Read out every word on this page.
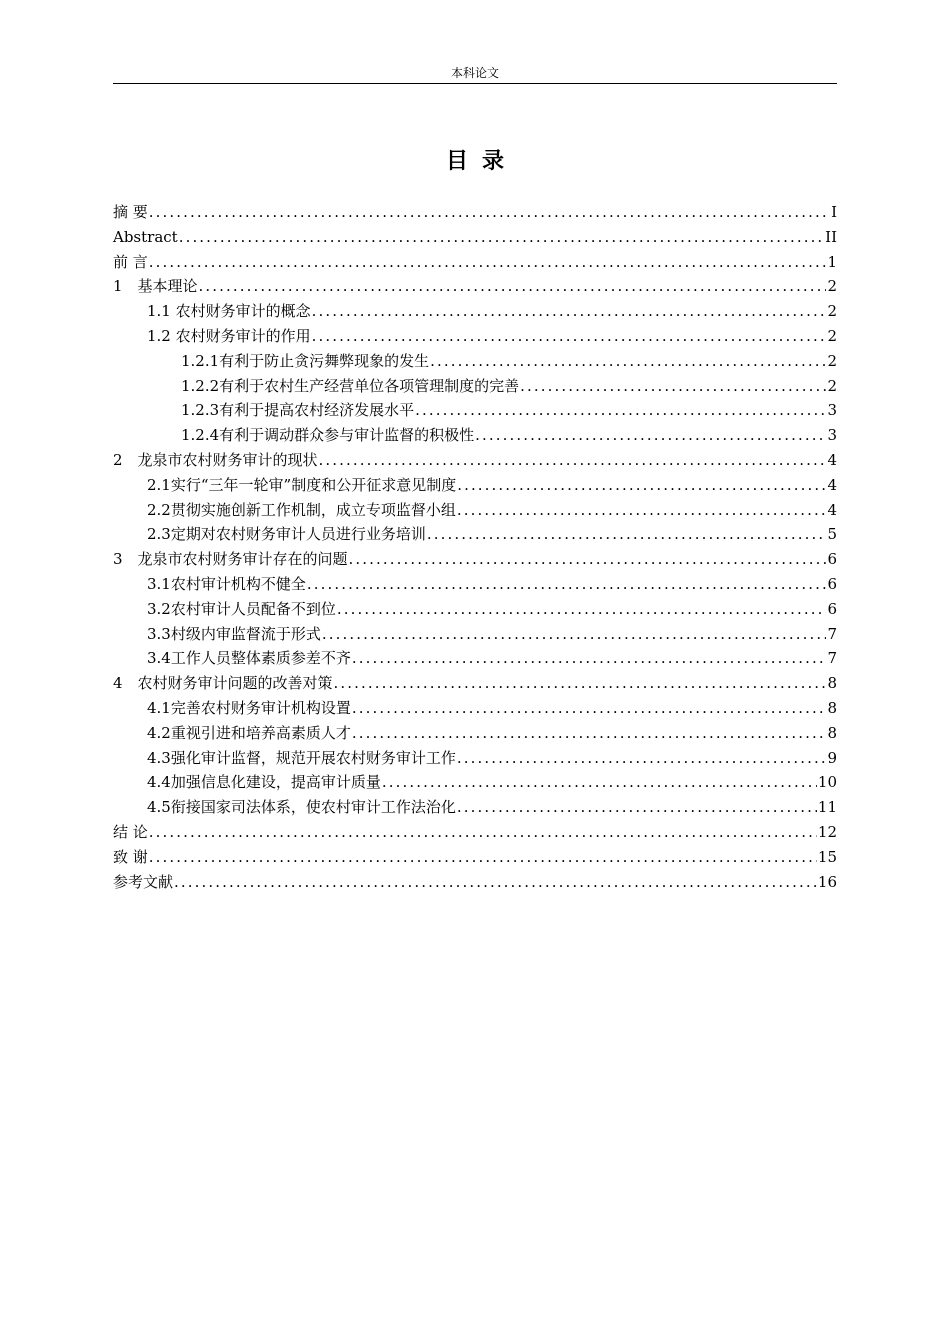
本科论文
目录
摘 要 .....	I
Abstract .....	II
前 言 .....	1
1　基本理论 .....	2
1.1 农村财务审计的概念 .....	2
1.2 农村财务审计的作用 .....	2
1.2.1有利于防止贪污舞弊现象的发生 .....	2
1.2.2有利于农村生产经营单位各项管理制度的完善 .....	2
1.2.3有利于提高农村经济发展水平 .....	3
1.2.4有利于调动群众参与审计监督的积极性 .....	3
2　龙泉市农村财务审计的现状 .....	4
2.1实行“三年一轮审”制度和公开征求意见制度 .....	4
2.2贯彻实施创新工作机制，成立专项监督小组 .....	4
2.3定期对农村财务审计人员进行业务培训 .....	5
3　龙泉市农村财务审计存在的问题 .....	6
3.1农村审计机构不健全 .....	6
3.2农村审计人员配备不到位 .....	6
3.3村级内审监督流于形式 .....	7
3.4工作人员整体素质参差不齐 .....	7
4　农村财务审计问题的改善对策 .....	8
4.1完善农村财务审计机构设置 .....	8
4.2重视引进和培养高素质人才 .....	8
4.3强化审计监督，规范开展农村财务审计工作 .....	9
4.4加强信息化建设，提高审计质量 .....	10
4.5衔接国家司法体系，使农村审计工作法治化 .....	11
结 论 .....	12
致 谢 .....	15
参考文献 .....	16
